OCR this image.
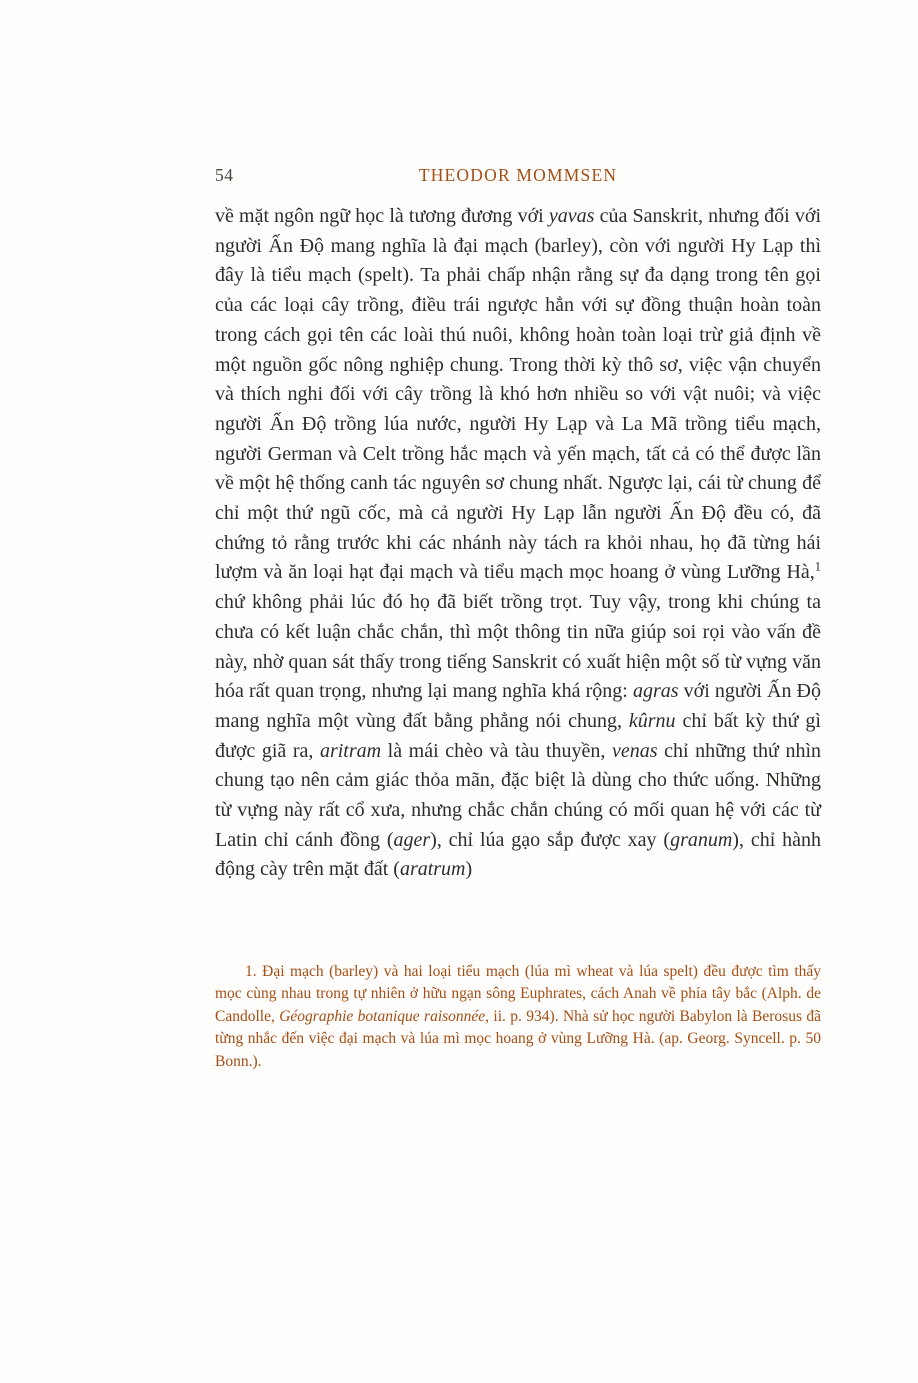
54	THEODOR MOMMSEN
về mặt ngôn ngữ học là tương đương với yavas của Sanskrit, nhưng đối với người Ấn Độ mang nghĩa là đại mạch (barley), còn với người Hy Lạp thì đây là tiểu mạch (spelt). Ta phải chấp nhận rằng sự đa dạng trong tên gọi của các loại cây trồng, điều trái ngược hẳn với sự đồng thuận hoàn toàn trong cách gọi tên các loài thú nuôi, không hoàn toàn loại trừ giả định về một nguồn gốc nông nghiệp chung. Trong thời kỳ thô sơ, việc vận chuyển và thích nghi đối với cây trồng là khó hơn nhiều so với vật nuôi; và việc người Ấn Độ trồng lúa nước, người Hy Lạp và La Mã trồng tiểu mạch, người German và Celt trồng hắc mạch và yến mạch, tất cả có thể được lần về một hệ thống canh tác nguyên sơ chung nhất. Ngược lại, cái từ chung để chỉ một thứ ngũ cốc, mà cả người Hy Lạp lẫn người Ấn Độ đều có, đã chứng tỏ rằng trước khi các nhánh này tách ra khỏi nhau, họ đã từng hái lượm và ăn loại hạt đại mạch và tiểu mạch mọc hoang ở vùng Lưỡng Hà,$^1$ chứ không phải lúc đó họ đã biết trồng trọt. Tuy vậy, trong khi chúng ta chưa có kết luận chắc chắn, thì một thông tin nữa giúp soi rọi vào vấn đề này, nhờ quan sát thấy trong tiếng Sanskrit có xuất hiện một số từ vựng văn hóa rất quan trọng, nhưng lại mang nghĩa khá rộng: agras với người Ấn Độ mang nghĩa một vùng đất bằng phẳng nói chung, kûrnu chỉ bất kỳ thứ gì được giã ra, aritram là mái chèo và tàu thuyền, venas chỉ những thứ nhìn chung tạo nên cảm giác thỏa mãn, đặc biệt là dùng cho thức uống. Những từ vựng này rất cổ xưa, nhưng chắc chắn chúng có mối quan hệ với các từ Latin chỉ cánh đồng (ager), chỉ lúa gạo sắp được xay (granum), chỉ hành động cày trên mặt đất (aratrum)
1. Đại mạch (barley) và hai loại tiểu mạch (lúa mì wheat và lúa spelt) đều được tìm thấy mọc cùng nhau trong tự nhiên ở hữu ngạn sông Euphrates, cách Anah về phía tây bắc (Alph. de Candolle, Géographie botanique raisonnée, ii. p. 934). Nhà sử học người Babylon là Berosus đã từng nhắc đến việc đại mạch và lúa mì mọc hoang ở vùng Lưỡng Hà. (ap. Georg. Syncell. p. 50 Bonn.).
